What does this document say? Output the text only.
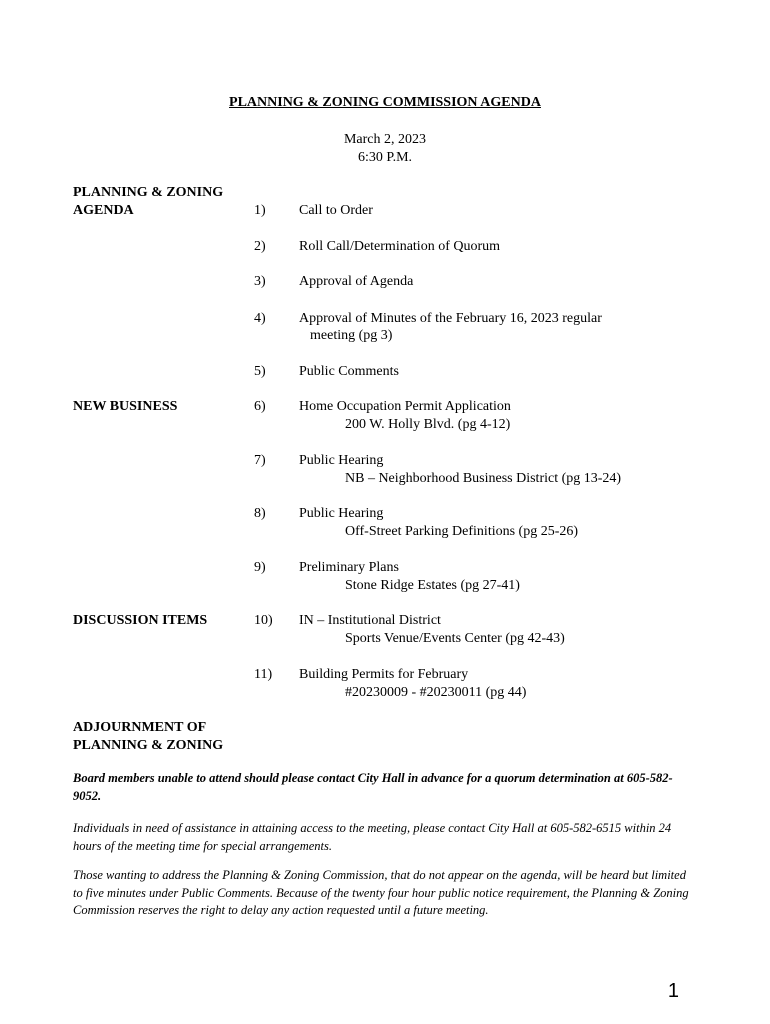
PLANNING & ZONING COMMISSION AGENDA
March 2, 2023
6:30 P.M.
PLANNING & ZONING
AGENDA
NEW BUSINESS
DISCUSSION ITEMS
ADJOURNMENT OF
PLANNING & ZONING
1) Call to Order
2) Roll Call/Determination of Quorum
3) Approval of Agenda
4) Approval of Minutes of the February 16, 2023 regular
meeting (pg 3)
5) Public Comments
6) Home Occupation Permit Application
200 W. Holly Blvd. (pg 4-12)
7) Public Hearing
NB – Neighborhood Business District (pg 13-24)
8) Public Hearing
Off-Street Parking Definitions (pg 25-26)
9) Preliminary Plans
Stone Ridge Estates (pg 27-41)
10) IN – Institutional District
Sports Venue/Events Center (pg 42-43)
11) Building Permits for February
#20230009 - #20230011 (pg 44)
Board members unable to attend should please contact City Hall in advance for a quorum determination at 605-582-9052.
Individuals in need of assistance in attaining access to the meeting, please contact City Hall at 605-582-6515 within 24 hours of the meeting time for special arrangements.
Those wanting to address the Planning & Zoning Commission, that do not appear on the agenda, will be heard but limited to five minutes under Public Comments. Because of the twenty four hour public notice requirement, the Planning & Zoning Commission reserves the right to delay any action requested until a future meeting.
1
